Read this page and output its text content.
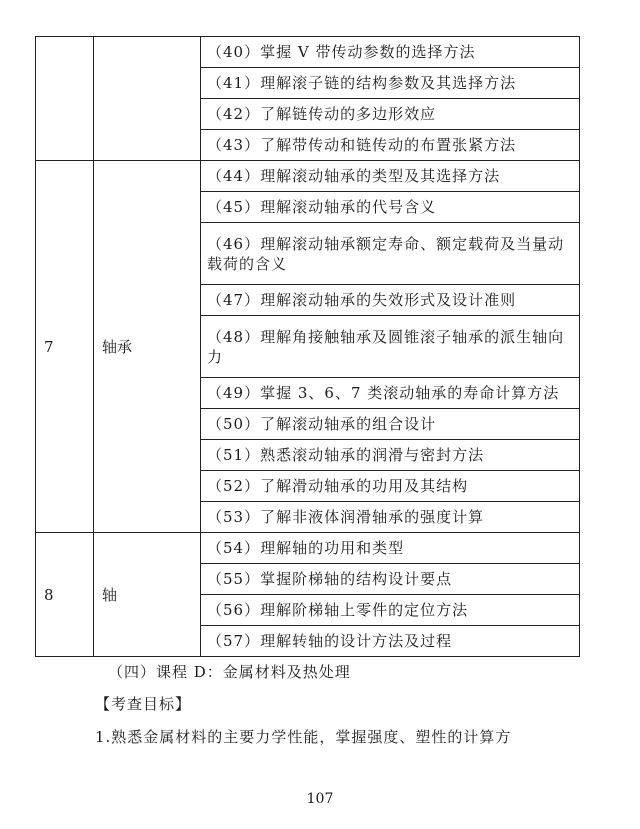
		（40）掌握 V 带传动参数的选择方法
		（41）理解滚子链的结构参数及其选择方法
		（42）了解链传动的多边形效应
		（43）了解带传动和链传动的布置张紧方法
7	轴承	（44）理解滚动轴承的类型及其选择方法
		（45）理解滚动轴承的代号含义
		（46）理解滚动轴承额定寿命、额定载荷及当量动载荷的含义
		（47）理解滚动轴承的失效形式及设计准则
		（48）理解角接触轴承及圆锥滚子轴承的派生轴向力
		（49）掌握 3、6、7 类滚动轴承的寿命计算方法
		（50）了解滚动轴承的组合设计
		（51）熟悉滚动轴承的润滑与密封方法
		（52）了解滑动轴承的功用及其结构
		（53）了解非液体润滑轴承的强度计算
8	轴	（54）理解轴的功用和类型
		（55）掌握阶梯轴的结构设计要点
		（56）理解阶梯轴上零件的定位方法
		（57）理解转轴的设计方法及过程
（四）课程 D：金属材料及热处理
【考查目标】
1.熟悉金属材料的主要力学性能，掌握强度、塑性的计算方
107
